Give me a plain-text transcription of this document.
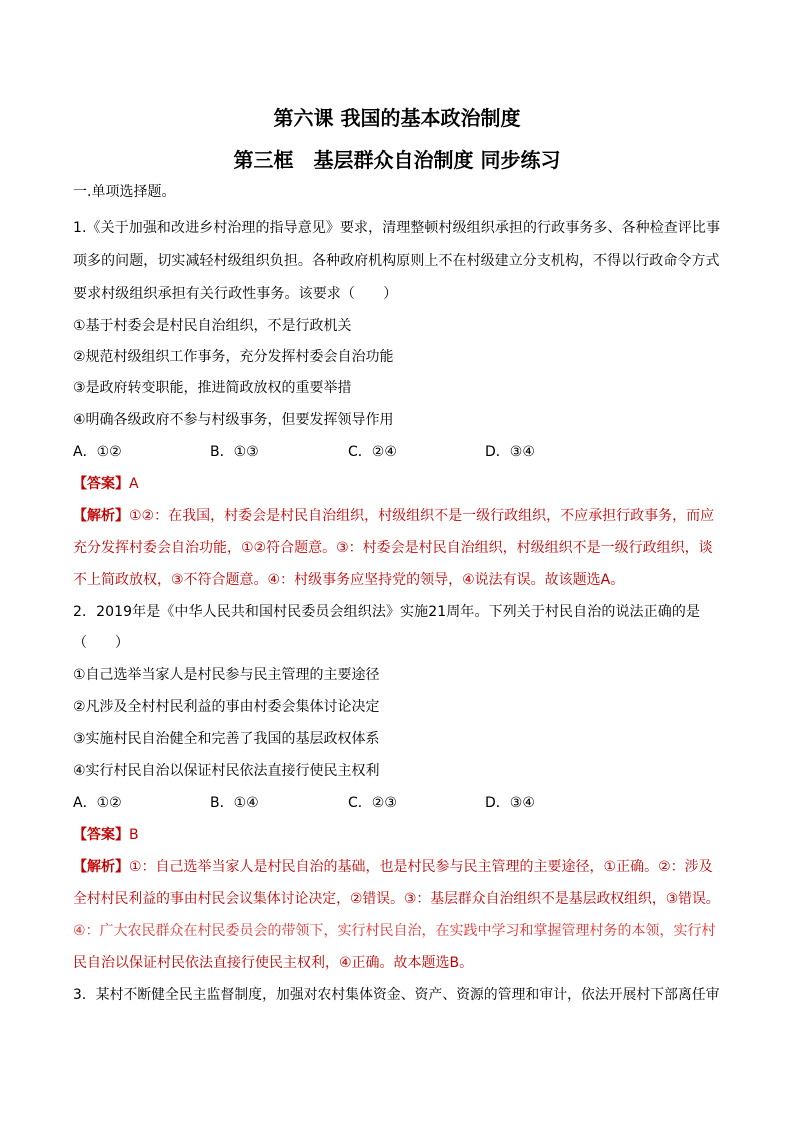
第六课 我国的基本政治制度
第三框　基层群众自治制度 同步练习
一.单项选择题。
1.《关于加强和改进乡村治理的指导意见》要求，清理整顿村级组织承担的行政事务多、各种检查评比事
项多的问题，切实减轻村级组织负担。各种政府机构原则上不在村级建立分支机构，不得以行政命令方式
要求村级组织承担有关行政性事务。该要求（　　）
①基于村委会是村民自治组织，不是行政机关
②规范村级组织工作事务，充分发挥村委会自治功能
③是政府转变职能，推进简政放权的重要举措
④明确各级政府不参与村级事务，但要发挥领导作用
A．①②	B．①③	C．②④	D．③④
【答案】A
【解析】①②：在我国，村委会是村民自治组织，村级组织不是一级行政组织，不应承担行政事务，而应
充分发挥村委会自治功能，①②符合题意。③：村委会是村民自治组织，村级组织不是一级行政组织，谈
不上简政放权，③不符合题意。④：村级事务应坚持党的领导，④说法有误。故该题选A。
2．2019年是《中华人民共和国村民委员会组织法》实施21周年。下列关于村民自治的说法正确的是
（　　）
①自己选举当家人是村民参与民主管理的主要途径
②凡涉及全村村民利益的事由村委会集体讨论决定
③实施村民自治健全和完善了我国的基层政权体系
④实行村民自治以保证村民依法直接行使民主权利
A．①②	B．①④	C．②③	D．③④
【答案】B
【解析】①：自己选举当家人是村民自治的基础，也是村民参与民主管理的主要途径，①正确。②：涉及
全村村民利益的事由村民会议集体讨论决定，②错误。③：基层群众自治组织不是基层政权组织，③错误。
④：广大农民群众在村民委员会的带领下，实行村民自治，在实践中学习和掌握管理村务的本领，实行村
民自治以保证村民依法直接行使民主权利，④正确。故本题选B。
3．某村不断健全民主监督制度，加强对农村集体资金、资产、资源的管理和审计，依法开展村下部离任审
